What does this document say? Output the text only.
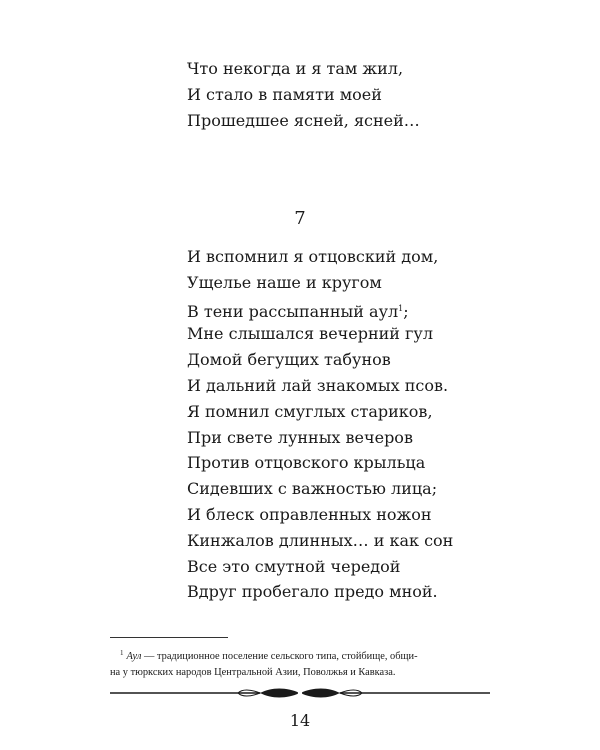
Что некогда и я там жил,
И стало в памяти моей
Прошедшее ясней, ясней…
7
И вспомнил я отцовский дом,
Ущелье наше и кругом
В тени рассыпанный аул$^1$;
Мне слышался вечерний гул
Домой бегущих табунов
И дальний лай знакомых псов.
Я помнил смуглых стариков,
При свете лунных вечеров
Против отцовского крыльца
Сидевших с важностью лица;
И блеск оправленных ножон
Кинжалов длинных… и как сон
Все это смутной чередой
Вдруг пробегало предо мной.

$^1$ Аул — традиционное поселение сельского типа, стойбище, общи-

на у тюркских народов Центральной Азии, Поволжья и Кавказа.

14
